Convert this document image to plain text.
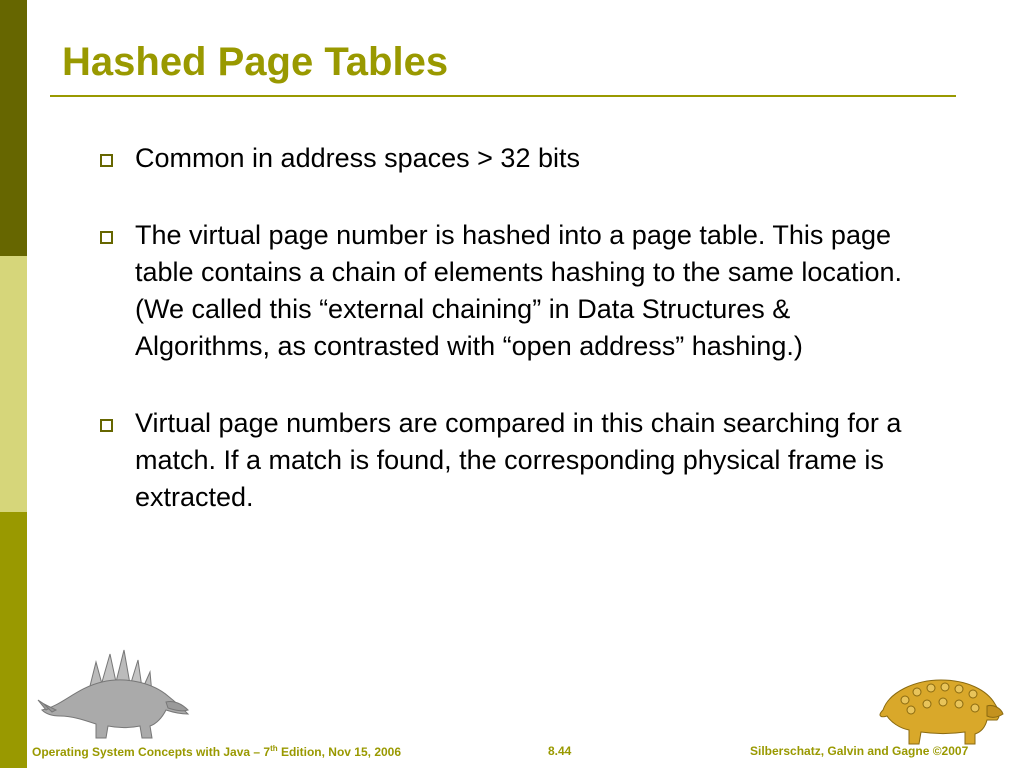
Hashed Page Tables
Common in address spaces > 32 bits
The virtual page number is hashed into a page table. This page table contains a chain of elements hashing to the same location. (We called this “external chaining” in Data Structures & Algorithms, as contrasted with “open address” hashing.)
Virtual page numbers are compared in this chain searching for a match. If a match is found, the corresponding physical frame is extracted.
Operating System Concepts with Java – 7th Edition, Nov 15, 2006	8.44	Silberschatz, Galvin and Gagne ©2007
